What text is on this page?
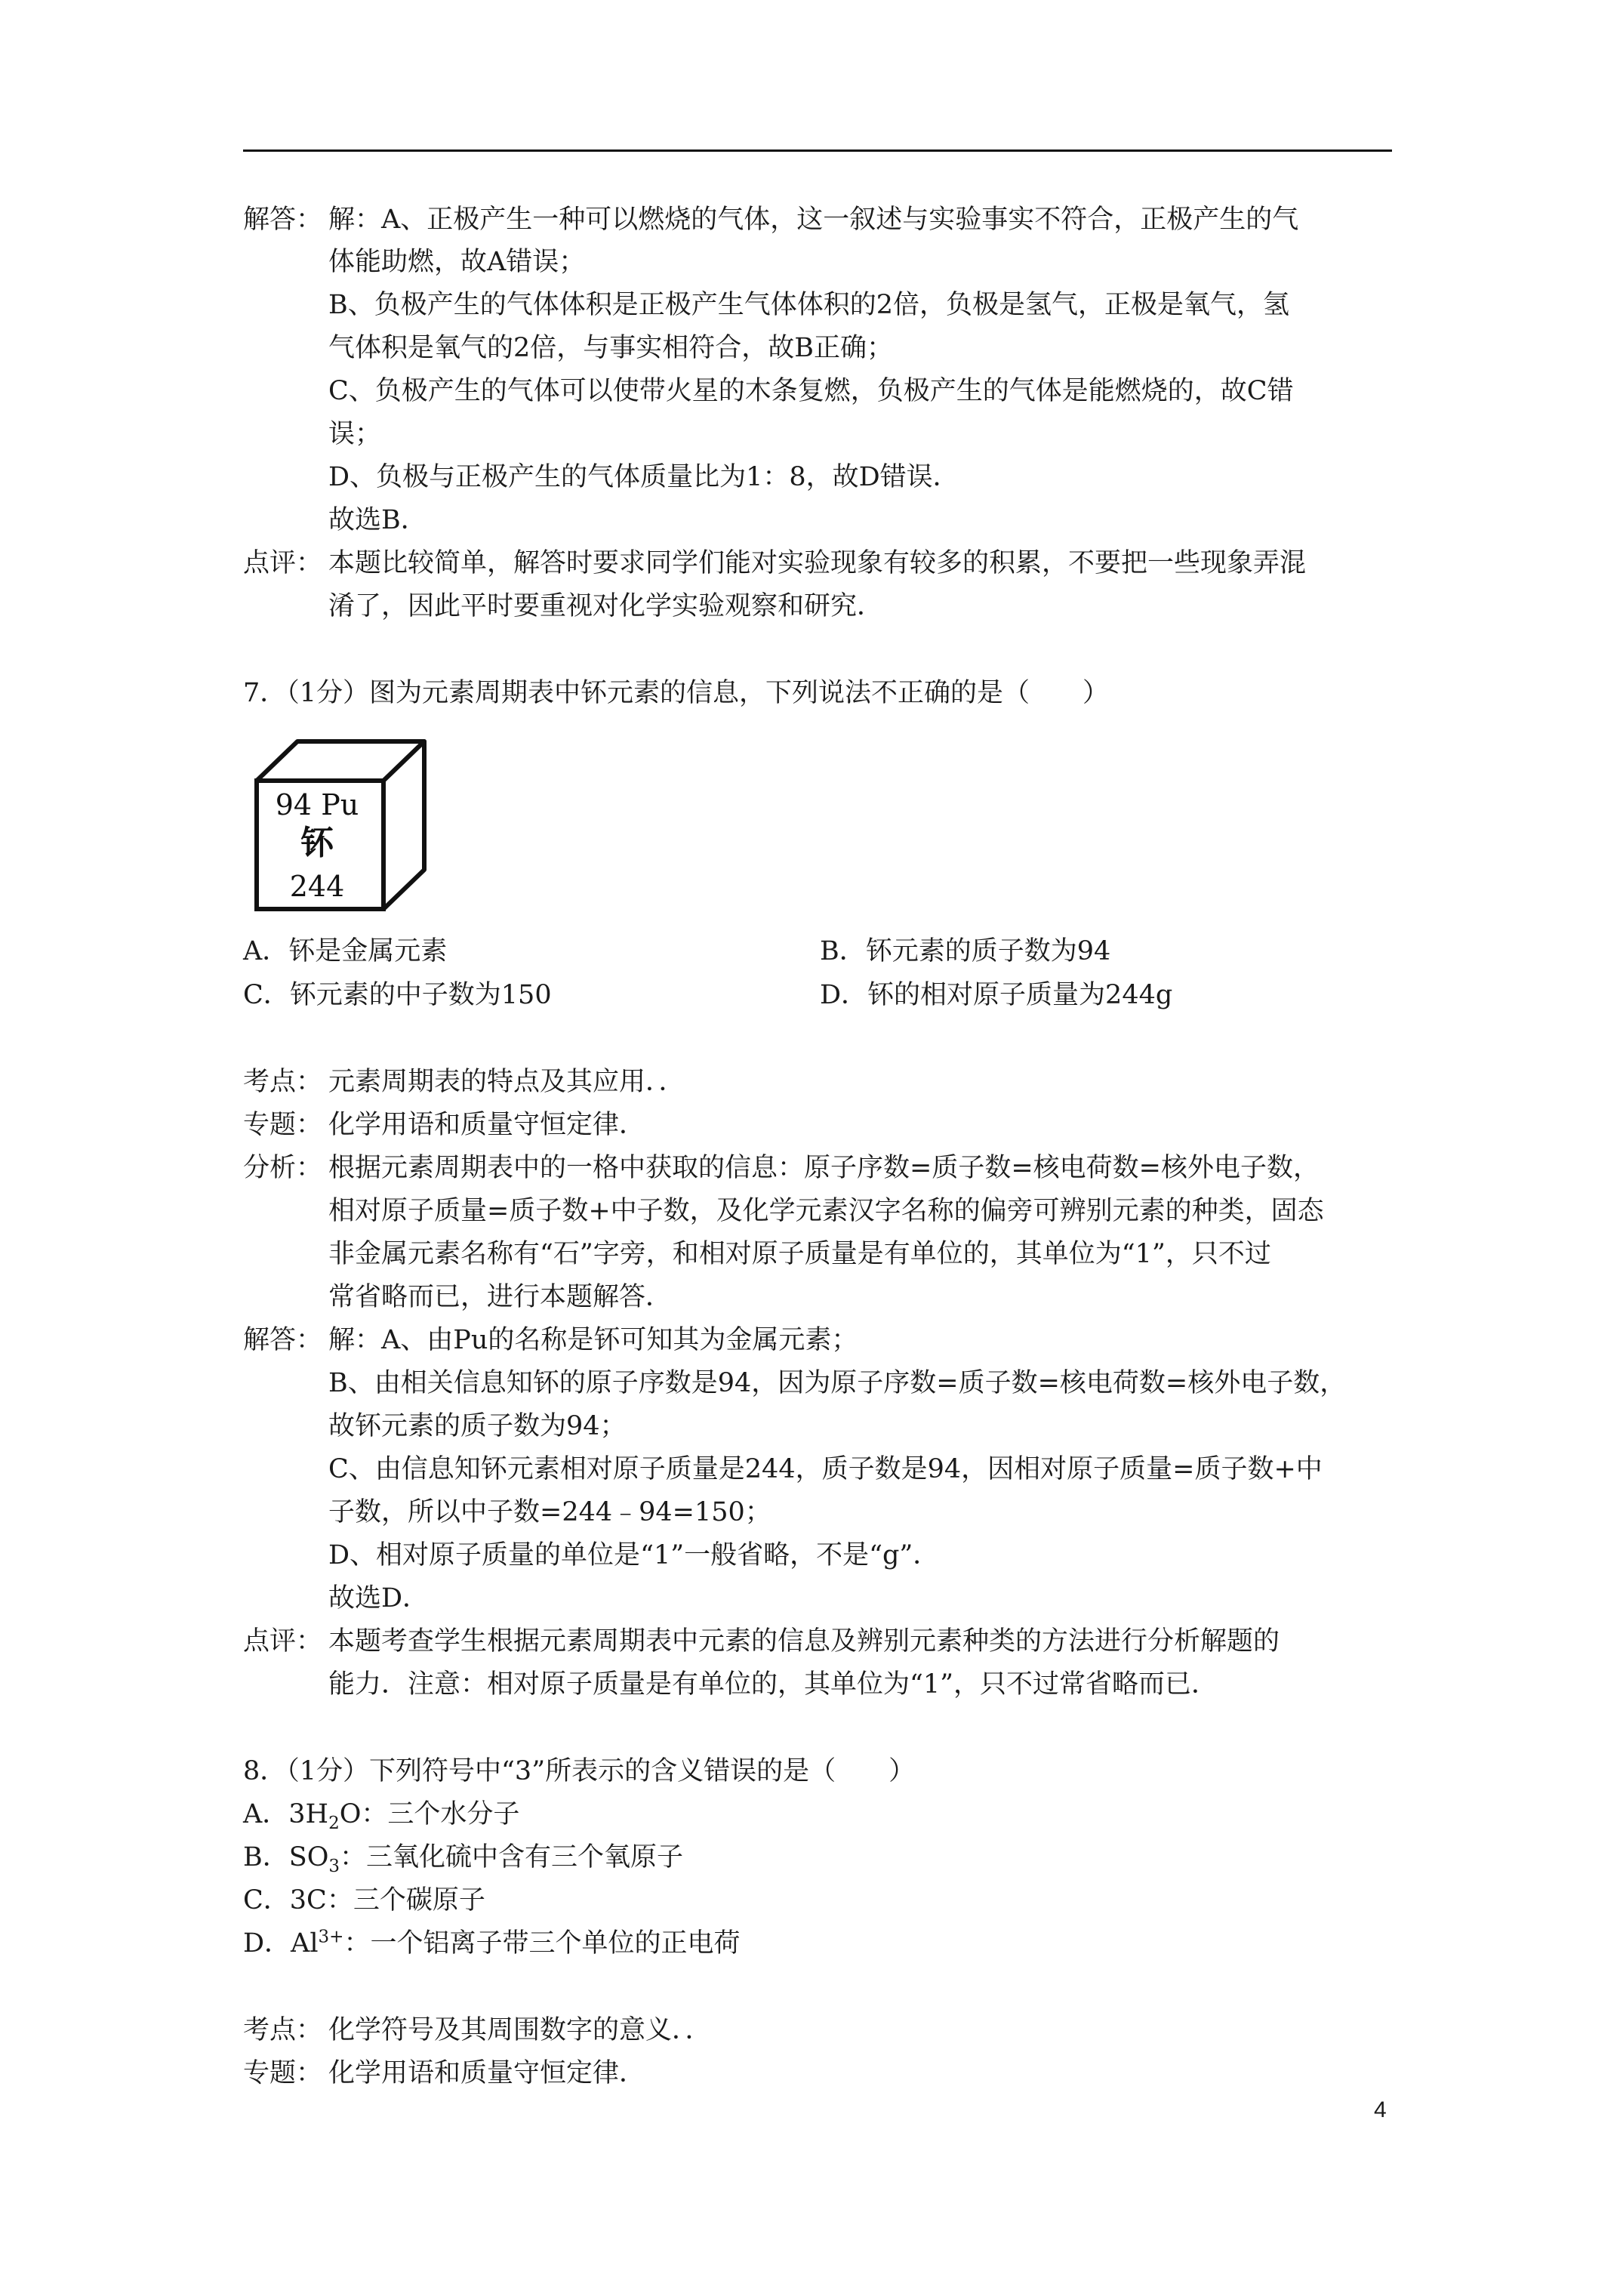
解答： 解：A、正极产生一种可以燃烧的气体，这一叙述与实验事实不符合，正极产生的气
体能助燃，故A错误；
B、负极产生的气体体积是正极产生气体体积的2倍，负极是氢气，正极是氧气，氢
气体积是氧气的2倍，与事实相符合，故B正确；
C、负极产生的气体可以使带火星的木条复燃，负极产生的气体是能燃烧的，故C错
误；
D、负极与正极产生的气体质量比为1：8，故D错误．
故选B．
点评： 本题比较简单，解答时要求同学们能对实验现象有较多的积累，不要把一些现象弄混
淆了，因此平时要重视对化学实验观察和研究．
7．（1分）图为元素周期表中钚元素的信息，下列说法不正确的是（　　）
94 Pu
钚
244
A．钚是金属元素	B．钚元素的质子数为94
C．钚元素的中子数为150	D．钚的相对原子质量为244g
考点： 元素周期表的特点及其应用．．
专题： 化学用语和质量守恒定律．
分析： 根据元素周期表中的一格中获取的信息：原子序数=质子数=核电荷数=核外电子数，
相对原子质量=质子数+中子数，及化学元素汉字名称的偏旁可辨别元素的种类，固态
非金属元素名称有“石”字旁，和相对原子质量是有单位的，其单位为“1”，只不过
常省略而已，进行本题解答．
解答： 解：A、由Pu的名称是钚可知其为金属元素；
B、由相关信息知钚的原子序数是94，因为原子序数=质子数=核电荷数=核外电子数，
故钚元素的质子数为94；
C、由信息知钚元素相对原子质量是244，质子数是94，因相对原子质量=质子数+中
子数，所以中子数=244﹣94=150；
D、相对原子质量的单位是“1”一般省略，不是“g”．
故选D．
点评： 本题考查学生根据元素周期表中元素的信息及辨别元素种类的方法进行分析解题的
能力．注意：相对原子质量是有单位的，其单位为“1”，只不过常省略而已．
8．（1分）下列符号中“3”所表示的含义错误的是（　　）
A．$3H_2O$：三个水分子
B．$SO_3$：三氧化硫中含有三个氧原子
C．3C：三个碳原子
D．$Al^{3+}$：一个铝离子带三个单位的正电荷
考点： 化学符号及其周围数字的意义．．
专题： 化学用语和质量守恒定律．
4
